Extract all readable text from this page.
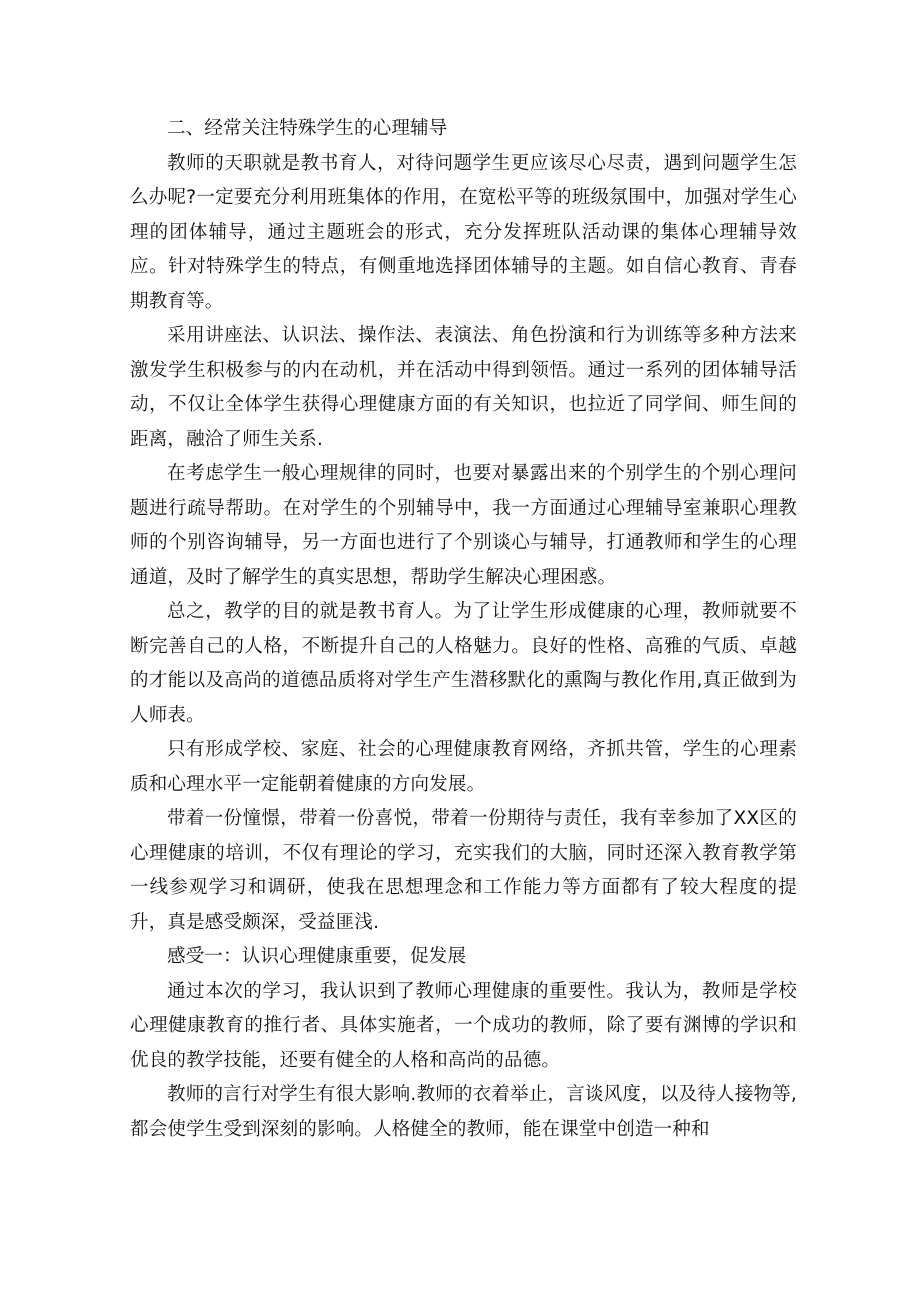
二、经常关注特殊学生的心理辅导

教师的天职就是教书育人，对待问题学生更应该尽心尽责，遇到问题学生怎么办呢?一定要充分利用班集体的作用，在宽松平等的班级氛围中，加强对学生心理的团体辅导，通过主题班会的形式，充分发挥班队活动课的集体心理辅导效应。针对特殊学生的特点，有侧重地选择团体辅导的主题。如自信心教育、青春期教育等。

采用讲座法、认识法、操作法、表演法、角色扮演和行为训练等多种方法来激发学生积极参与的内在动机，并在活动中得到领悟。通过一系列的团体辅导活动，不仅让全体学生获得心理健康方面的有关知识，也拉近了同学间、师生间的距离，融洽了师生关系.

在考虑学生一般心理规律的同时，也要对暴露出来的个别学生的个别心理问题进行疏导帮助。在对学生的个别辅导中，我一方面通过心理辅导室兼职心理教师的个别咨询辅导，另一方面也进行了个别谈心与辅导，打通教师和学生的心理通道，及时了解学生的真实思想，帮助学生解决心理困惑。

总之，教学的目的就是教书育人。为了让学生形成健康的心理，教师就要不断完善自己的人格，不断提升自己的人格魅力。良好的性格、高雅的气质、卓越的才能以及高尚的道德品质将对学生产生潜移默化的熏陶与教化作用,真正做到为人师表。

只有形成学校、家庭、社会的心理健康教育网络，齐抓共管，学生的心理素质和心理水平一定能朝着健康的方向发展。

带着一份憧憬，带着一份喜悦，带着一份期待与责任，我有幸参加了XX区的心理健康的培训，不仅有理论的学习，充实我们的大脑，同时还深入教育教学第一线参观学习和调研，使我在思想理念和工作能力等方面都有了较大程度的提升，真是感受颇深，受益匪浅.

感受一：认识心理健康重要，促发展

通过本次的学习，我认识到了教师心理健康的重要性。我认为，教师是学校心理健康教育的推行者、具体实施者，一个成功的教师，除了要有渊博的学识和优良的教学技能，还要有健全的人格和高尚的品德。

教师的言行对学生有很大影响.教师的衣着举止，言谈风度，以及待人接物等,都会使学生受到深刻的影响。人格健全的教师，能在课堂中创造一种和
